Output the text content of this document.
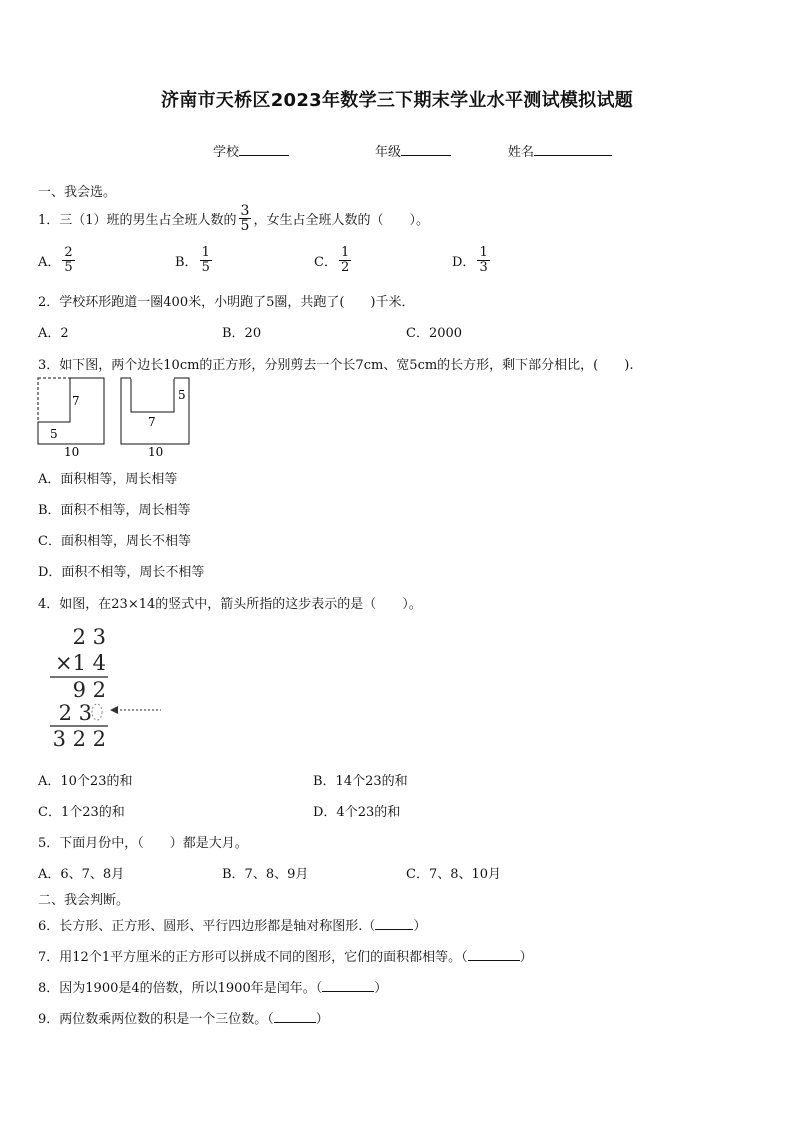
济南市天桥区2023年数学三下期末学业水平测试模拟试题
学校	年级	姓名
一、我会选。
1．三（1）班的男生占全班人数的 $\frac{3}{5}$ ，女生占全班人数的（　　）。
A． $\frac{2}{5}$	B． $\frac{1}{5}$	C． $\frac{1}{2}$	D． $\frac{1}{3}$
2．学校环形跑道一圈400米，小明跑了5圈，共跑了(　　)千米．
A．2	B．20	C．2000
3．如下图，两个边长10cm的正方形，分别剪去一个长7cm、宽5cm的长方形，剩下部分相比，(　　).
7
5
10
5
7
10
A．面积相等，周长相等
B．面积不相等，周长相等
C．面积相等，周长不相等
D．面积不相等，周长不相等
4．如图，在23×14的竖式中，箭头所指的这步表示的是（　　）。
2 3
×1 4
9 2
2 3
3 2 2
A．10个23的和	B．14个23的和
C．1个23的和	D．4个23的和
5．下面月份中，（　　）都是大月。
A．6、7、8月	B．7、8、9月	C．7、8、10月
二、我会判断。
6．长方形、正方形、圆形、平行四边形都是轴对称图形.（	）
7．用12个1平方厘米的正方形可以拼成不同的图形，它们的面积都相等。（	）
8．因为1900是4的倍数，所以1900年是闰年。（	）
9．两位数乘两位数的积是一个三位数。（	）
